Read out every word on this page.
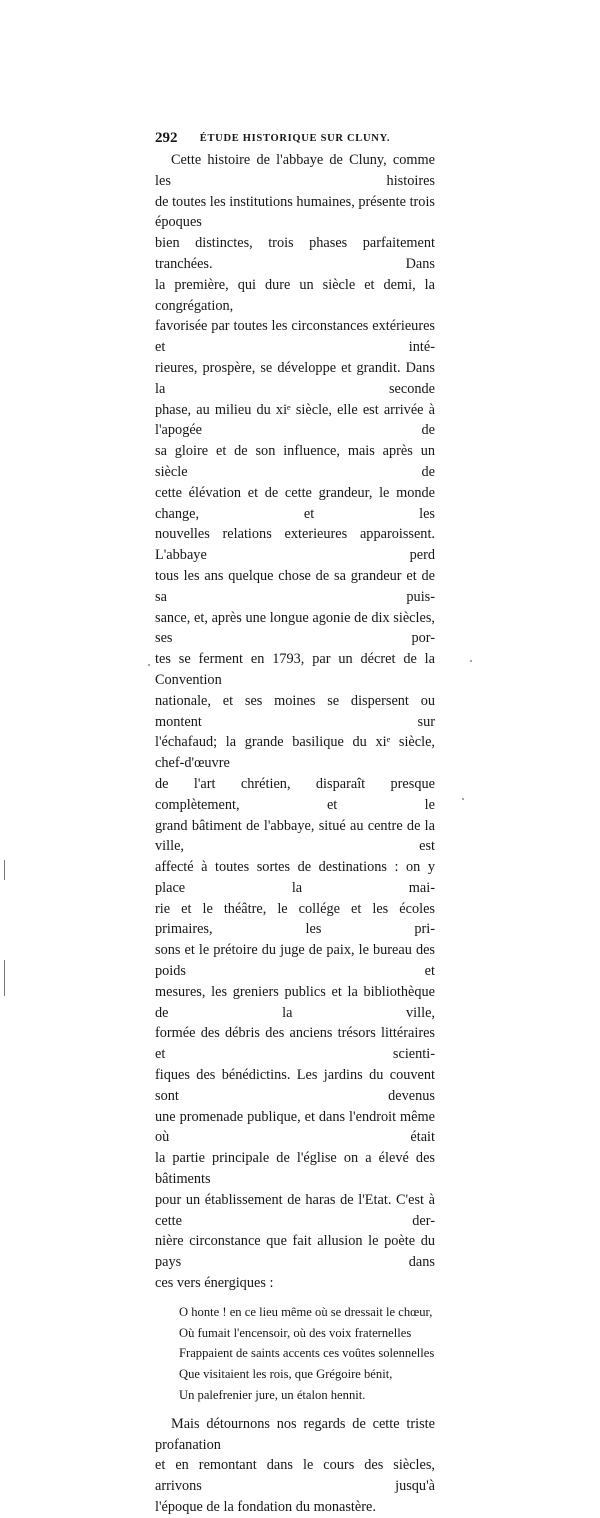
292	ÉTUDE HISTORIQUE SUR CLUNY.

Cette histoire de l'abbaye de Cluny, comme les histoires

de toutes les institutions humaines, présente trois époques

bien distinctes, trois phases parfaitement tranchées. Dans

la première, qui dure un siècle et demi, la congrégation,

favorisée par toutes les circonstances extérieures et inté-

rieures, prospère, se développe et grandit. Dans la seconde

phase, au milieu du xiᵉ siècle, elle est arrivée à l'apogée de

sa gloire et de son influence, mais après un siècle de

cette élévation et de cette grandeur, le monde change, et les

nouvelles relations exterieures apparoissent. L'abbaye perd

tous les ans quelque chose de sa grandeur et de sa puis-

sance, et, après une longue agonie de dix siècles, ses por-

tes se ferment en 1793, par un décret de la Convention

nationale, et ses moines se dispersent ou montent sur

l'échafaud; la grande basilique du xiᵉ siècle, chef-d'œuvre

de l'art chrétien, disparaît presque complètement, et le

grand bâtiment de l'abbaye, situé au centre de la ville, est

affecté à toutes sortes de destinations : on y place la mai-

rie et le théâtre, le collége et les écoles primaires, les pri-

sons et le prétoire du juge de paix, le bureau des poids et

mesures, les greniers publics et la bibliothèque de la ville,

formée des débris des anciens trésors littéraires et scienti-

fiques des bénédictins. Les jardins du couvent sont devenus

une promenade publique, et dans l'endroit même où était

la partie principale de l'église on a élevé des bâtiments

pour un établissement de haras de l'Etat. C'est à cette der-

nière circonstance que fait allusion le poète du pays dans

ces vers énergiques :

O honte ! en ce lieu même où se dressait le chœur,

Où fumait l'encensoir, où des voix fraternelles

Frappaient de saints accents ces voûtes solennelles

Que visitaient les rois, que Grégoire bénit,

Un palefrenier jure, un étalon hennit.

Mais détournons nos regards de cette triste profanation

et en remontant dans le cours des siècles, arrivons jusqu'à

l'époque de la fondation du monastère.
